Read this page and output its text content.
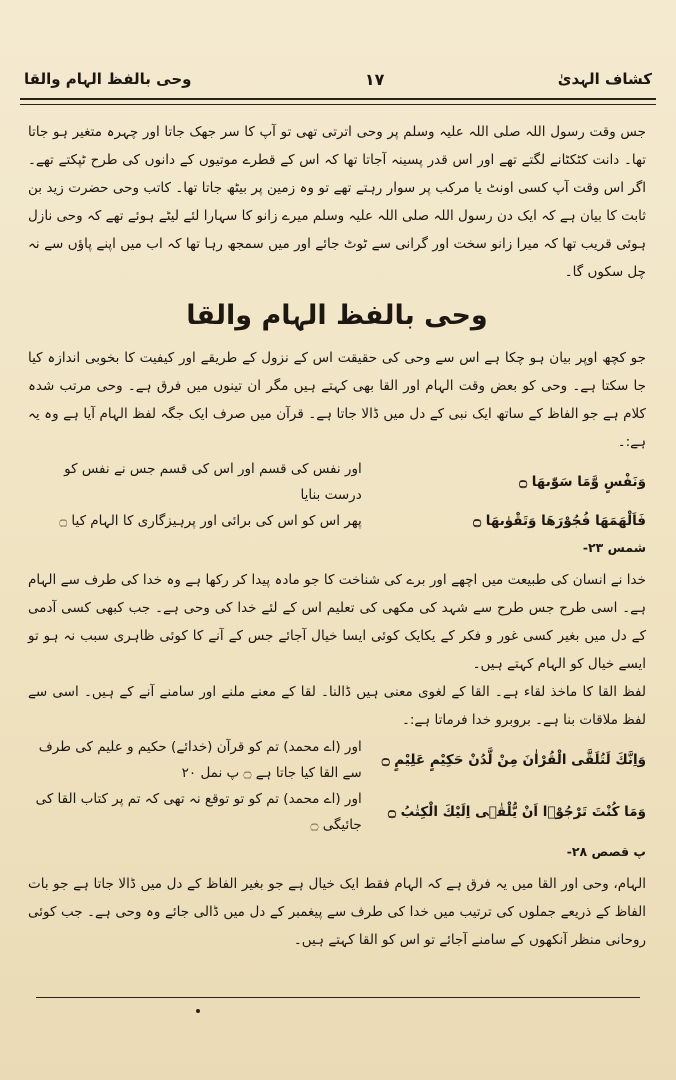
کشاف الہدیٰ
۱۷
وحی بالفظ الہام والقا

جس وقت رسول اللہ صلی اللہ علیہ وسلم پر وحی اترتی تھی تو آپ کا سر جھک جاتا اور چہرہ متغیر ہو جاتا تھا۔ دانت کٹکٹانے لگتے تھے اور اس قدر پسینہ آجاتا تھا کہ اس کے قطرے موتیوں کے دانوں کی طرح ٹپکتے تھے۔ اگر اس وقت آپ کسی اونٹ یا مرکب پر سوار رہتے تھے تو وہ زمین پر بیٹھ جاتا تھا۔ کاتب وحی حضرت زید بن ثابت کا بیان ہے کہ ایک دن رسول اللہ صلی اللہ علیہ وسلم میرے زانو کا سہارا لئے لیٹے ہوئے تھے کہ وحی نازل ہوئی قریب تھا کہ میرا زانو سخت اور گرانی سے ٹوٹ جائے اور میں سمجھ رہا تھا کہ اب میں اپنے پاؤں سے نہ چل سکوں گا۔

وحی بالفظ الہام والقا

جو کچھ اوپر بیان ہو چکا ہے اس سے وحی کی حقیقت اس کے نزول کے طریقے اور کیفیت کا بخوبی اندازہ کیا جا سکتا ہے۔ وحی کو بعض وقت الہام اور القا بھی کہتے ہیں مگر ان تینوں میں فرق ہے۔ وحی مرتب شدہ کلام ہے جو الفاظ کے ساتھ ایک نبی کے دل میں ڈالا جاتا ہے۔ قرآن میں صرف ایک جگہ لفظ الہام آیا ہے وہ یہ ہے:۔

وَنَفْسٍ وَّمَا سَوّٰىهَا ۝
اور نفس کی قسم اور اس کی قسم جس نے نفس کو درست بنایا
فَاَلْهَمَهَا فُجُوْرَهَا وَتَقْوٰىهَا ۝
پھر اس کو اس کی برائی اور پرہیزگاری کا الہام کیا ۝
شمس ۲۳-

خدا نے انسان کی طبیعت میں اچھے اور برے کی شناخت کا جو مادہ پیدا کر رکھا ہے وہ خدا کی طرف سے الہام ہے۔ اسی طرح جس طرح سے شہد کی مکھی کی تعلیم اس کے لئے خدا کی وحی ہے۔ جب کبھی کسی آدمی کے دل میں بغیر کسی غور و فکر کے یکایک کوئی ایسا خیال آجائے جس کے آنے کا کوئی ظاہری سبب نہ ہو تو ایسے خیال کو الہام کہتے ہیں۔

لفظ القا کا ماخذ لقاء ہے۔ القا کے لغوی معنی ہیں ڈالنا۔ لقا کے معنے ملنے اور سامنے آنے کے ہیں۔ اسی سے لفظ ملاقات بنا ہے۔ بروبرو خدا فرماتا ہے:۔

وَاِنَّكَ لَتُلَقَّى الْقُرْاٰنَ مِنْ لَّدُنْ حَكِيْمٍ عَلِيْمٍ ۝
اور (اے محمد) تم کو قرآن (خدائے) حکیم و علیم کی طرف سے القا کیا جاتا ہے ۝ پ نمل ۲۰
وَمَا كُنْتَ تَرْجُوْۤا اَنْ يُّلْقٰۤى اِلَيْكَ الْكِتٰبُ ۝
اور (اے محمد) تم کو تو توقع نہ تھی کہ تم پر کتاب القا کی جائیگی ۝
پ قصص ۲۸-

الہام، وحی اور القا میں یہ فرق ہے کہ الہام فقط ایک خیال ہے جو بغیر الفاظ کے دل میں ڈالا جاتا ہے جو بات الفاظ کے ذریعے جملوں کی ترتیب میں خدا کی طرف سے پیغمبر کے دل میں ڈالی جائے وہ وحی ہے۔ جب کوئی روحانی منظر آنکھوں کے سامنے آجائے تو اس کو القا کہتے ہیں۔
